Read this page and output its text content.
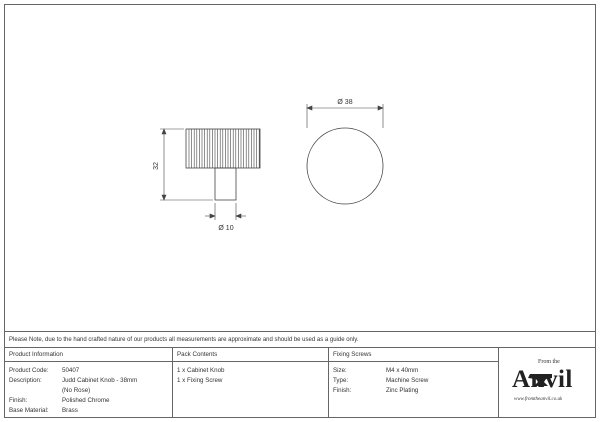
32
Ø 10
Ø 38
Please Note, due to the hand crafted nature of our products all measurements are approximate and should be used as a guide only.
Product Information
Product Code:	50407
Description:	Judd Cabinet Knob - 38mm
(No Rose)
Finish:	Polished Chrome
Base Material:	Brass
Pack Contents
1 x Cabinet Knob
1 x Fixing Screw
Fixing Screws
Size:	M4 x 40mm
Type:	Machine Screw
Finish:	Zinc Plating
From the
Anvil
www.fromtheanvil.co.uk
